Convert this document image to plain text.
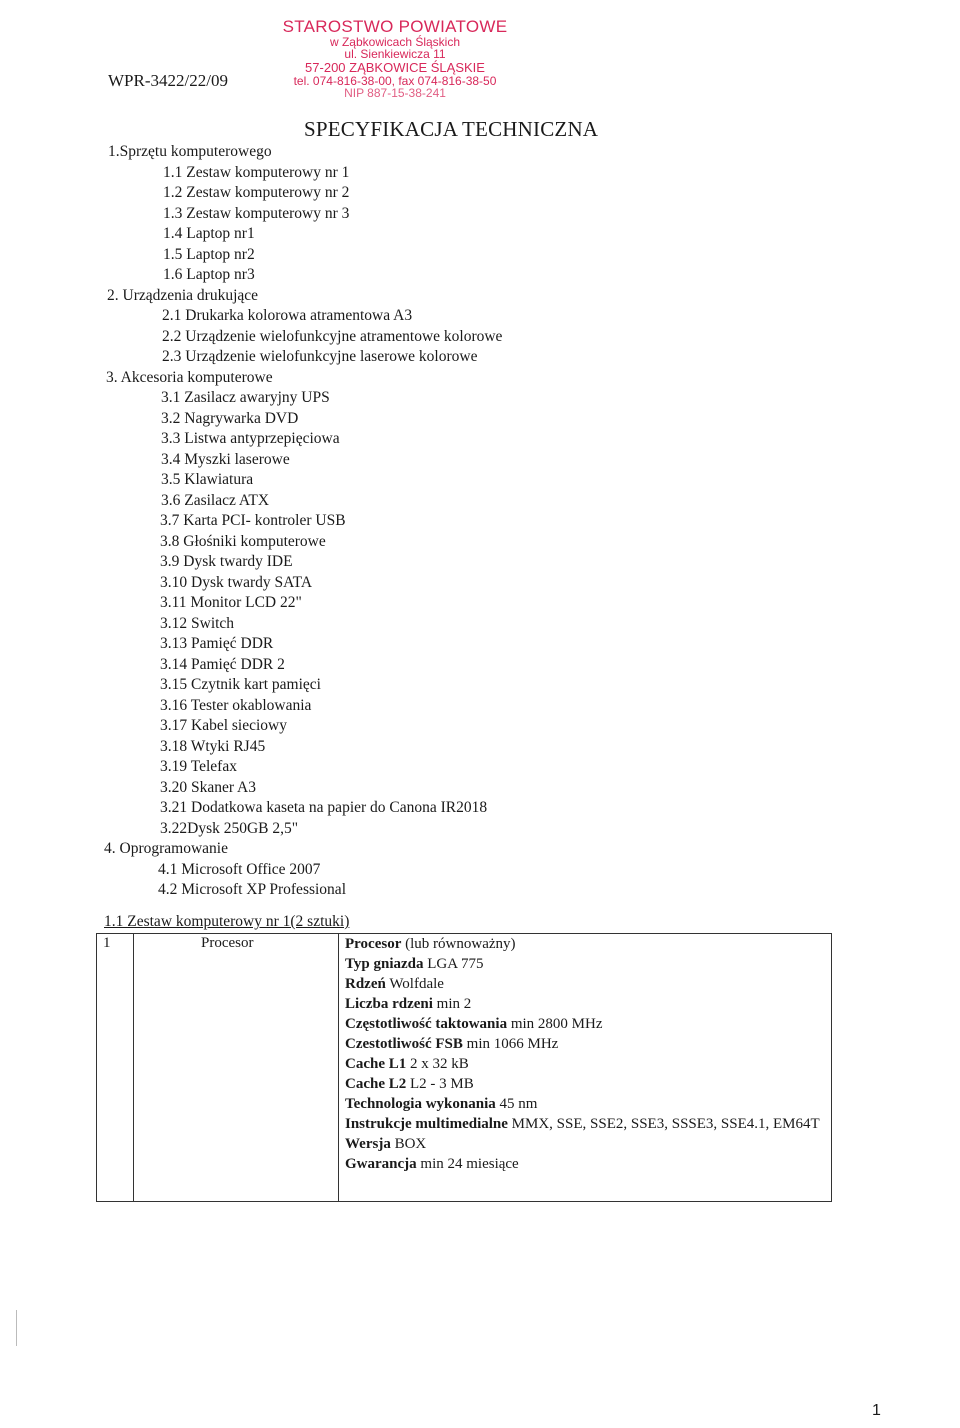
STAROSTWO POWIATOWE
w Ząbkowicach Śląskich
ul. Sienkiewicza 11
57-200 ZĄBKOWICE ŚLĄSKIE
tel. 074-816-38-00, fax 074-816-38-50
NIP 887-15-38-241
WPR-3422/22/09
SPECYFIKACJA TECHNICZNA
1.Sprzętu komputerowego
1.1 Zestaw komputerowy nr 1
1.2 Zestaw komputerowy nr 2
1.3 Zestaw komputerowy nr 3
1.4 Laptop nr1
1.5 Laptop nr2
1.6 Laptop nr3
2. Urządzenia drukujące
2.1 Drukarka kolorowa atramentowa A3
2.2 Urządzenie wielofunkcyjne atramentowe kolorowe
2.3 Urządzenie wielofunkcyjne laserowe kolorowe
3. Akcesoria komputerowe
3.1 Zasilacz awaryjny UPS
3.2 Nagrywarka DVD
3.3 Listwa antyprzepięciowa
3.4 Myszki laserowe
3.5 Klawiatura
3.6 Zasilacz ATX
3.7 Karta PCI- kontroler USB
3.8 Głośniki komputerowe
3.9 Dysk twardy IDE
3.10 Dysk twardy SATA
3.11 Monitor LCD 22"
3.12 Switch
3.13 Pamięć DDR
3.14 Pamięć DDR 2
3.15 Czytnik kart pamięci
3.16 Tester okablowania
3.17 Kabel sieciowy
3.18 Wtyki RJ45
3.19 Telefax
3.20 Skaner A3
3.21 Dodatkowa kaseta na papier do Canona IR2018
3.22Dysk 250GB 2,5"
4. Oprogramowanie
4.1 Microsoft Office 2007
4.2 Microsoft XP Professional
1.1 Zestaw komputerowy nr 1(2 sztuki)
1	Procesor	Procesor (lub równoważny)
Typ gniazda LGA 775
Rdzeń Wolfdale
Liczba rdzeni min 2
Częstotliwość taktowania min 2800 MHz
Czestotliwość FSB min 1066 MHz
Cache L1 2 x 32 kB
Cache L2 L2 - 3 MB
Technologia wykonania 45 nm
Instrukcje multimedialne MMX, SSE, SSE2, SSE3, SSSE3, SSE4.1, EM64T
Wersja BOX
Gwarancja min 24 miesiące
1
